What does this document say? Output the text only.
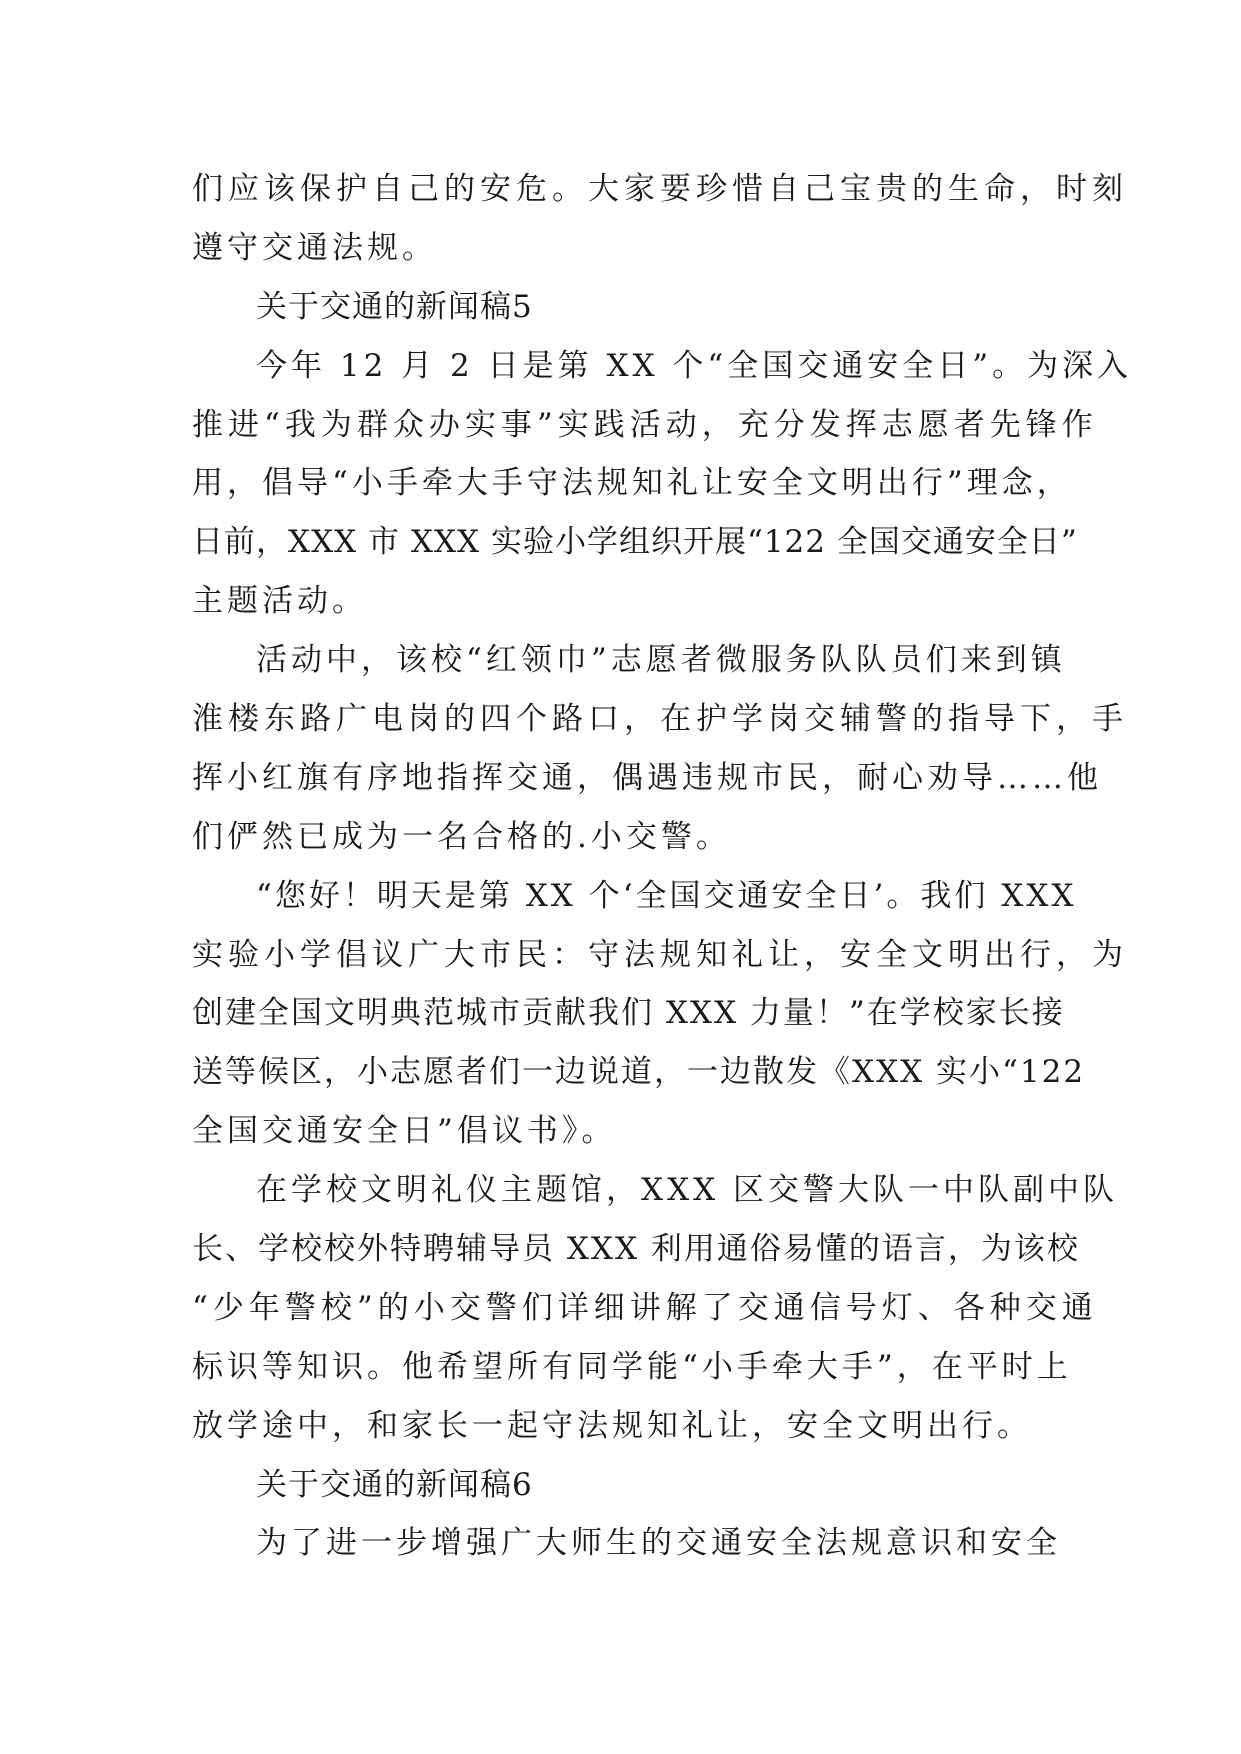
们应该保护自己的安危。大家要珍惜自己宝贵的生命，时刻
遵守交通法规。
关于交通的新闻稿5
今年 12 月 2 日是第 XX 个“全国交通安全日”。为深入
推进“我为群众办实事”实践活动，充分发挥志愿者先锋作
用，倡导“小手牵大手守法规知礼让安全文明出行”理念，
日前，XXX 市 XXX 实验小学组织开展“122 全国交通安全日”
主题活动。
活动中，该校“红领巾”志愿者微服务队队员们来到镇
淮楼东路广电岗的四个路口，在护学岗交辅警的指导下，手
挥小红旗有序地指挥交通，偶遇违规市民，耐心劝导……他
们俨然已成为一名合格的.小交警。
“您好！明天是第 XX 个‘全国交通安全日’。我们 XXX
实验小学倡议广大市民：守法规知礼让，安全文明出行，为
创建全国文明典范城市贡献我们 XXX 力量！”在学校家长接
送等候区，小志愿者们一边说道，一边散发《XXX 实小“122
全国交通安全日”倡议书》。
在学校文明礼仪主题馆，XXX 区交警大队一中队副中队
长、学校校外特聘辅导员 XXX 利用通俗易懂的语言，为该校
“少年警校”的小交警们详细讲解了交通信号灯、各种交通
标识等知识。他希望所有同学能“小手牵大手”，在平时上
放学途中，和家长一起守法规知礼让，安全文明出行。
关于交通的新闻稿6
为了进一步增强广大师生的交通安全法规意识和安全
